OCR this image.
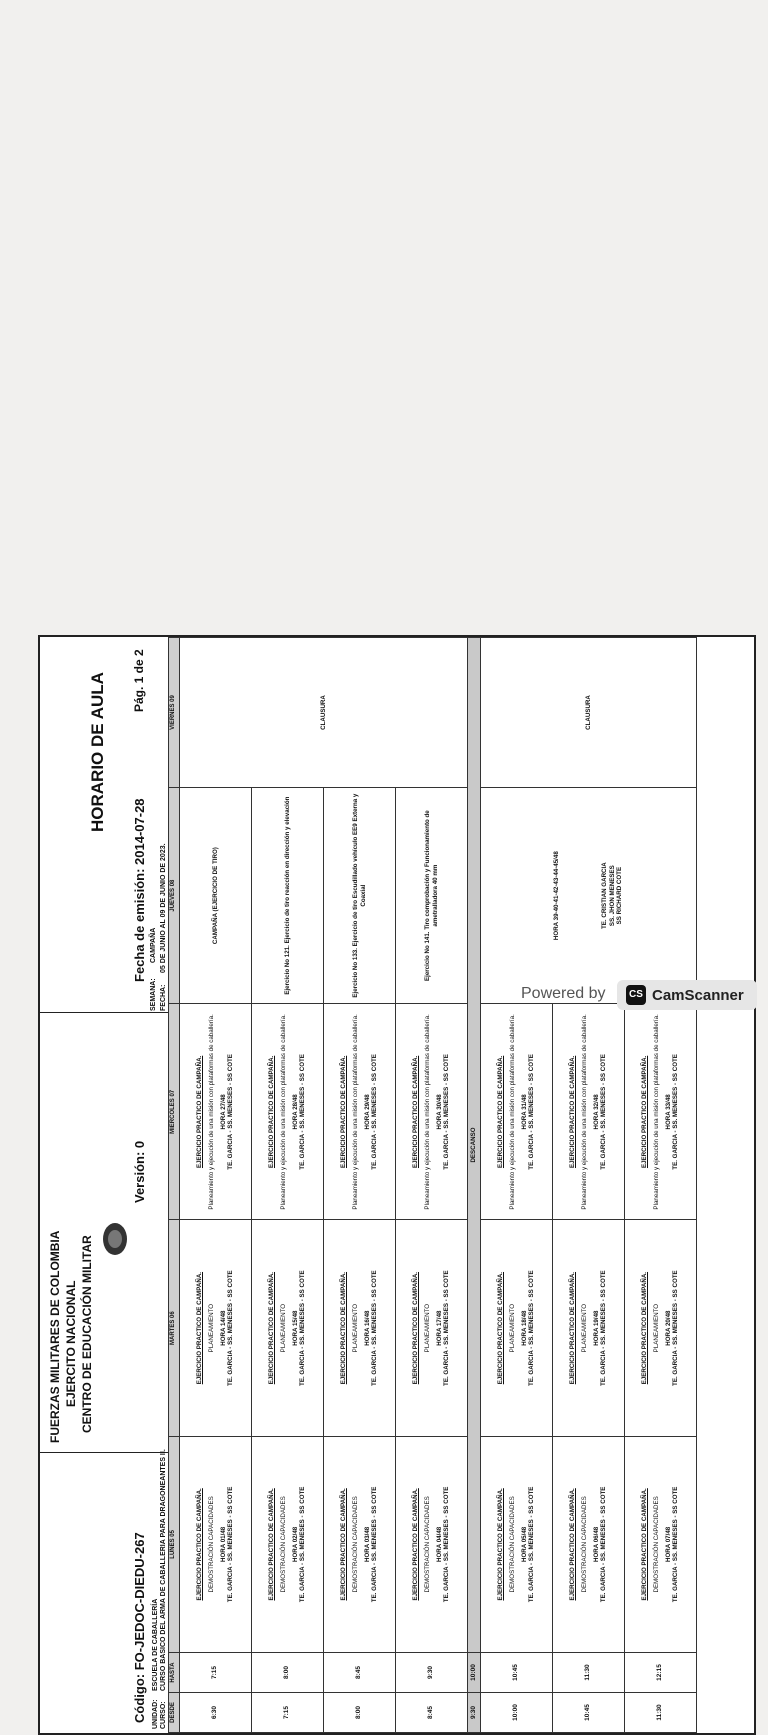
Código: FO-JEDOC-DIEDU-267 UNIDAD:
ESCUELA DE CABALLERÍA
FUERZAS MILITARES DE COLOMBIA EJERCITO NACIONAL CENTRO DE EDUCACIÓN MILITAR
Versión: 0
Fecha de emisión: 2014-07-28
Pág. 1 de 2
HORARIO DE AULA
CURSO:
CURSO BASICO DEL ARMA DE CABALLERIA PARA DRAGONEANTES II.
SEMANA:
CAMPAÑA
FECHA:
05 DE JUNIO AL 09 DE JUNIO DE 2023.
DESDE	HASTA	LUNES 05	MARTES 06	MIERCOLES 07	JUEVES 08	VIERNES 09
6:30	7:15	EJERCICIO PRACTICO DE CAMPAÑA. DEMOSTRACIÓN CAPACIDADES HORA 01/48 TE. GARCIA - SS. MENESES - SS COTE	EJERCICIO PRACTICO DE CAMPAÑA. PLANEAMIENTO HORA 14/48 TE. GARCIA - SS. MENESES - SS COTE	EJERCICIO PRACTICO DE CAMPAÑA. Planeamiento y ejecución de una misión con plataformas de caballería. HORA 27/48 TE. GARCIA - SS. MENESES - SS COTE	CAMPAÑA (EJERCICIO DE TIRO)	CLAUSURA
7:15	8:00	EJERCICIO PRACTICO DE CAMPAÑA. DEMOSTRACIÓN CAPACIDADES HORA 02/48 TE. GARCIA - SS. MENESES - SS COTE	EJERCICIO PRACTICO DE CAMPAÑA. PLANEAMIENTO HORA 15/48 TE. GARCIA - SS. MENESES - SS COTE	EJERCICIO PRACTICO DE CAMPAÑA. Planeamiento y ejecución de una misión con plataformas de caballería. HORA 28/48 TE. GARCIA - SS. MENESES - SS COTE	Ejercicio No 121. Ejercicio de tiro reacción en dirección y elevación	
8:00	8:45	EJERCICIO PRACTICO DE CAMPAÑA. DEMOSTRACIÓN CAPACIDADES HORA 03/48 TE. GARCIA - SS. MENESES - SS COTE	EJERCICIO PRACTICO DE CAMPAÑA. PLANEAMIENTO HORA 16/48 TE. GARCIA - SS. MENESES - SS COTE	EJERCICIO PRACTICO DE CAMPAÑA. Planeamiento y ejecución de una misión con plataformas de caballería. HORA 29/48 TE. GARCIA - SS. MENESES - SS COTE	Ejercicio No 133. Ejercicio de tiro Escudillado vehículo EE9 Externa y Coaxial	
8:45	9:30	EJERCICIO PRACTICO DE CAMPAÑA. DEMOSTRACIÓN CAPACIDADES HORA 04/48 TE. GARCIA - SS. MENESES - SS COTE	EJERCICIO PRACTICO DE CAMPAÑA. PLANEAMIENTO HORA 17/48 TE. GARCIA - SS. MENESES - SS COTE	EJERCICIO PRACTICO DE CAMPAÑA. Planeamiento y ejecución de una misión con plataformas de caballería. HORA 30/48 TE. GARCIA - SS. MENESES - SS COTE	Ejercicio No 141. Tiro comprobación y Funcionamiento de ametralladora 40 mm	
9:30	10:00	DESCANSO				
10:00	10:45	EJERCICIO PRACTICO DE CAMPAÑA. DEMOSTRACIÓN CAPACIDADES HORA 05/48 TE. GARCIA - SS. MENESES - SS COTE	EJERCICIO PRACTICO DE CAMPAÑA. PLANEAMIENTO HORA 18/48 TE. GARCIA - SS. MENESES - SS COTE	EJERCICIO PRACTICO DE CAMPAÑA. Planeamiento y ejecución de una misión con plataformas de caballería. HORA 31/48 TE. GARCIA - SS. MENESES - SS COTE	HORA 39-40-41-42-43-44-45/48 TE. CRISTIAN GARCIA SS. JHON MENESES SS RICHARD COTE	CLAUSURA
10:45	11:30	EJERCICIO PRACTICO DE CAMPAÑA. DEMOSTRACIÓN CAPACIDADES HORA 06/48 TE. GARCIA - SS. MENESES - SS COTE	EJERCICIO PRACTICO DE CAMPAÑA. PLANEAMIENTO HORA 19/48 TE. GARCIA - SS. MENESES - SS COTE	EJERCICIO PRACTICO DE CAMPAÑA. Planeamiento y ejecución de una misión con plataformas de caballería. HORA 32/48 TE. GARCIA - SS. MENESES - SS COTE		

11:30	12:15	EJERCICIO PRACTICO DE CAMPAÑA. DEMOSTRACIÓN CAPACIDADES HORA 07/48 TE. GARCIA - SS. MENESES - SS COTE	EJERCICIO PRACTICO DE CAMPAÑA. PLANEAMIENTO HORA 20/48 TE. GARCIA - SS. MENESES - SS COTE	EJERCICIO PRACTICO DE CAMPAÑA. Planeamiento y ejecución de una misión con plataformas de caballería. HORA 33/48 TE. GARCIA - SS. MENESES - SS COTE		
Powered by	CS CamScanner
